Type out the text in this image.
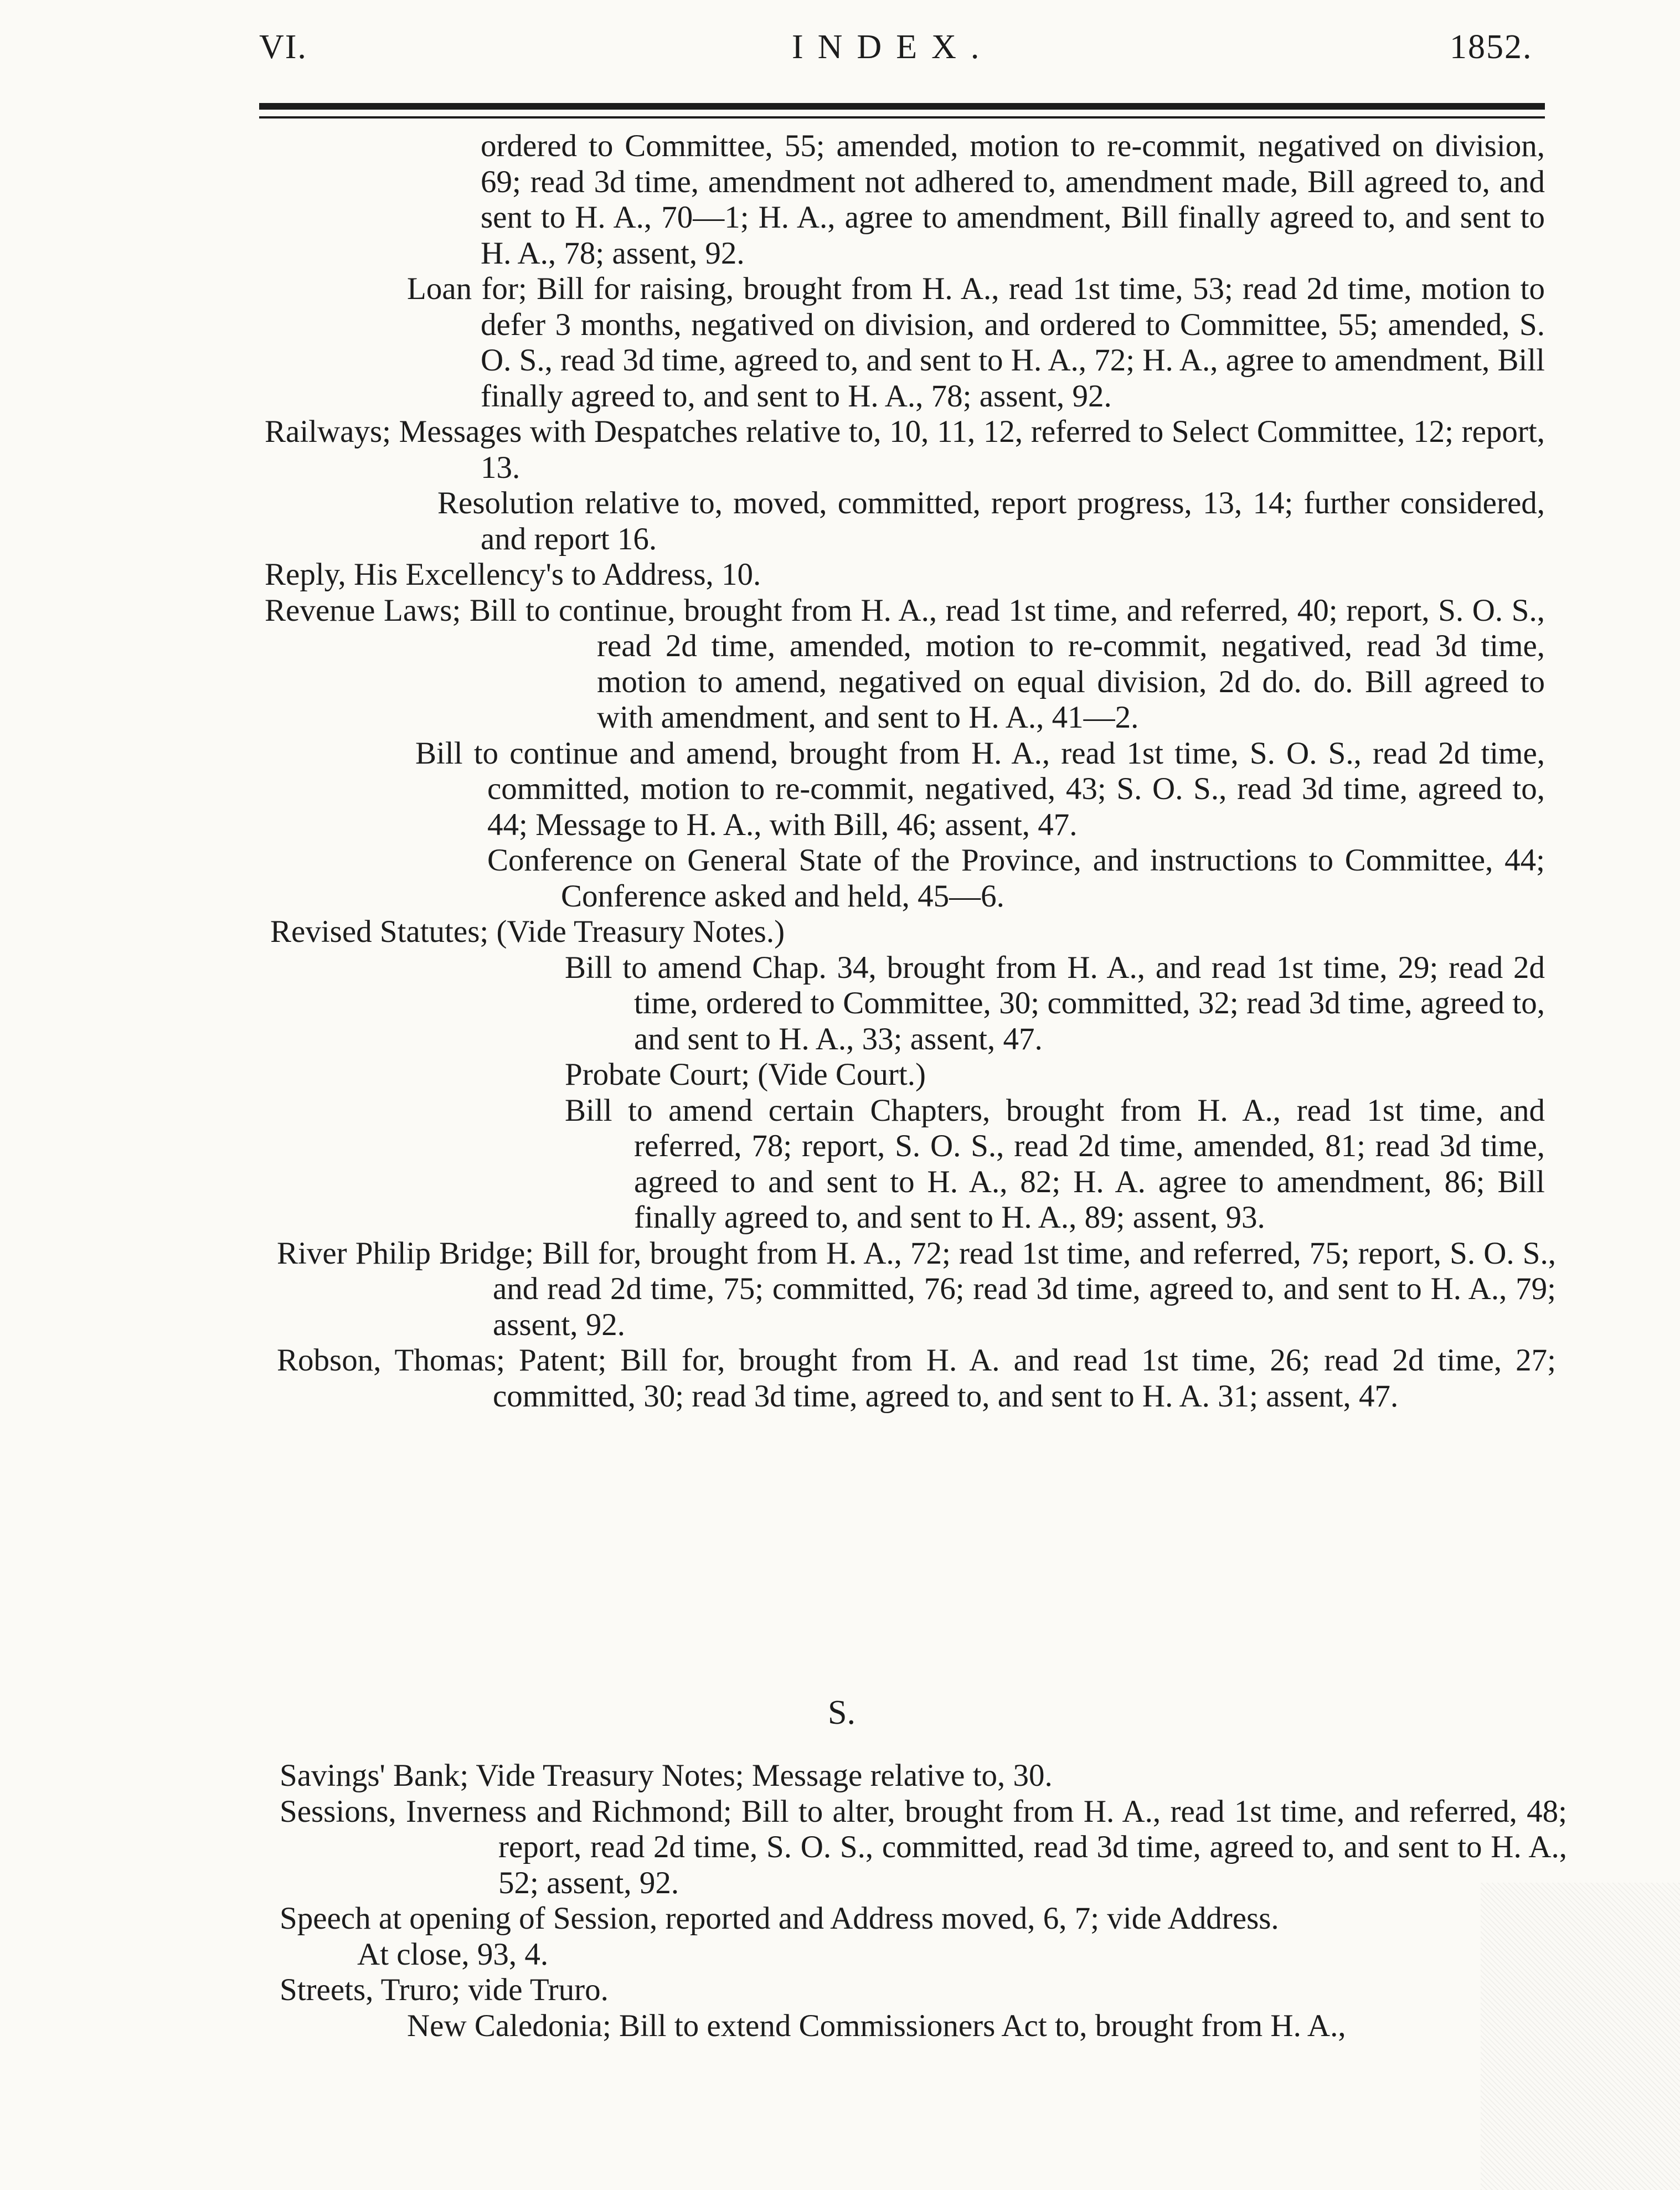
VI.	INDEX.	1852.

ordered to Committee, 55; amended, motion to re-commit, negatived on division, 69; read 3d time, amendment not adhered to, amendment made, Bill agreed to, and sent to H. A., 70—1; H. A., agree to amendment, Bill finally agreed to, and sent to H. A., 78; assent, 92.

Loan for; Bill for raising, brought from H. A., read 1st time, 53; read 2d time, motion to defer 3 months, negatived on division, and ordered to Committee, 55; amended, S. O. S., read 3d time, agreed to, and sent to H. A., 72; H. A., agree to amendment, Bill finally agreed to, and sent to H. A., 78; assent, 92.

Railways; Messages with Despatches relative to, 10, 11, 12, referred to Select Committee, 12; report, 13.

Resolution relative to, moved, committed, report progress, 13, 14; further considered, and report 16.

Reply, His Excellency's to Address, 10.

Revenue Laws; Bill to continue, brought from H. A., read 1st time, and referred, 40; report, S. O. S., read 2d time, amended, motion to re-commit, negatived, read 3d time, motion to amend, negatived on equal division, 2d do. do. Bill agreed to with amendment, and sent to H. A., 41—2.

Bill to continue and amend, brought from H. A., read 1st time, S. O. S., read 2d time, committed, motion to re-commit, negatived, 43; S. O. S., read 3d time, agreed to, 44; Message to H. A., with Bill, 46; assent, 47.

Conference on General State of the Province, and instructions to Committee, 44; Conference asked and held, 45—6.

Revised Statutes; (Vide Treasury Notes.)

Bill to amend Chap. 34, brought from H. A., and read 1st time, 29; read 2d time, ordered to Committee, 30; committed, 32; read 3d time, agreed to, and sent to H. A., 33; assent, 47.

Probate Court; (Vide Court.)

Bill to amend certain Chapters, brought from H. A., read 1st time, and referred, 78; report, S. O. S., read 2d time, amended, 81; read 3d time, agreed to and sent to H. A., 82; H. A. agree to amendment, 86; Bill finally agreed to, and sent to H. A., 89; assent, 93.

River Philip Bridge; Bill for, brought from H. A., 72; read 1st time, and referred, 75; report, S. O. S., and read 2d time, 75; committed, 76; read 3d time, agreed to, and sent to H. A., 79; assent, 92.

Robson, Thomas; Patent; Bill for, brought from H. A. and read 1st time, 26; read 2d time, 27; committed, 30; read 3d time, agreed to, and sent to H. A. 31; assent, 47.

S.

Savings' Bank; Vide Treasury Notes; Message relative to, 30.

Sessions, Inverness and Richmond; Bill to alter, brought from H. A., read 1st time, and referred, 48; report, read 2d time, S. O. S., committed, read 3d time, agreed to, and sent to H. A., 52; assent, 92.

Speech at opening of Session, reported and Address moved, 6, 7; vide Address.

At close, 93, 4.

Streets, Truro; vide Truro.

New Caledonia; Bill to extend Commissioners Act to, brought from H. A.,
